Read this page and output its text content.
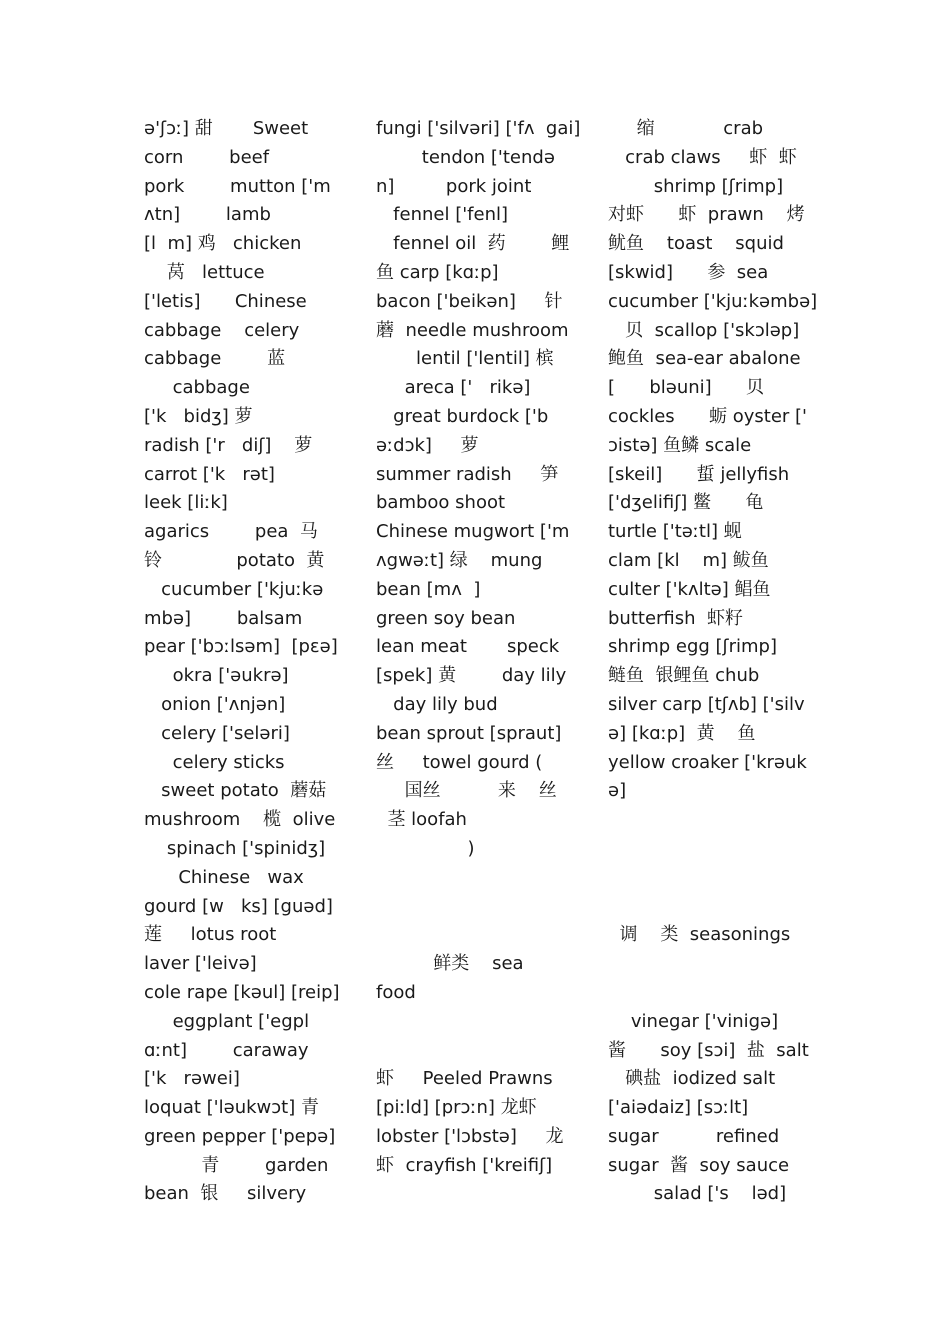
ə'ʃɔː] 甜       Sweet
corn        beef
pork        mutton ['m
ʌtn]        lamb
[l  m] 鸡   chicken
莴   lettuce
['letis]      Chinese
cabbage    celery
cabbage        蓝
cabbage
['k   bidʒ] 萝
radish ['r   diʃ]    萝
carrot ['k   rət]
leek [liːk]
agarics        pea  马
铃             potato  黄
cucumber ['kjuːkə
mbə]        balsam
pear ['bɔːlsəm]  [pɛə]
okra ['əukrə]
onion ['ʌnjən]
celery ['seləri]
celery sticks
sweet potato  蘑菇
mushroom    榄  olive
spinach ['spinidʒ]
Chinese   wax
gourd [w   ks] [guəd]
莲     lotus root
laver ['leivə]
cole rape [kəul] [reip]
eggplant ['egpl
ɑːnt]        caraway
['k   rəwei]
loquat ['ləukwɔt] 青
green pepper ['pepə]
青        garden
bean  银     silvery
fungi ['silvəri] ['fʌ  gai]
tendon ['tendə
n]         pork joint
fennel ['fenl]
fennel oil  药        鲤
鱼 carp [kɑːp]
bacon ['beikən]     针
蘑  needle mushroom
lentil ['lentil] 槟
areca ['   rikə]
great burdock ['b
əːdɔk]     萝
summer radish     笋
bamboo shoot
Chinese mugwort ['m
ʌgwəːt] 绿    mung
bean [mʌ  ]
green soy bean
lean meat       speck
[spek] 黄        day lily
day lily bud
bean sprout [spraut]
丝     towel gourd (
国丝          来    丝
茎 loofah
)
鲜类    sea
food
虾     Peeled Prawns
[piːld] [prɔːn] 龙虾
lobster ['lɔbstə]     龙
虾  crayfish ['kreifiʃ]
缩            crab
crab claws     虾  虾
shrimp [ʃrimp]
对虾      虾  prawn    烤
鱿鱼    toast    squid
[skwid]      参  sea
cucumber ['kjuːkəmbə]
贝  scallop ['skɔləp]
鲍鱼  sea-ear abalone
[      bləuni]      贝
cockles      蛎 oyster ['
ɔistə] 鱼鳞 scale
[skeil]      蜇 jellyfish
['dʒelifiʃ] 鳖      龟
turtle ['təːtl] 蚬
clam [kl    m] 鲅鱼
culter ['kʌltə] 鲳鱼
butterfish  虾籽
shrimp egg [ʃrimp]
鲢鱼  银鲤鱼 chub
silver carp [tʃʌb] ['silv
ə] [kɑːp]  黄    鱼
yellow croaker ['krəuk
ə]
调    类  seasonings
vinegar ['vinigə]
酱      soy [sɔi]  盐  salt
碘盐  iodized salt
['aiədaiz] [sɔːlt]
sugar          refined
sugar  酱  soy sauce
salad ['s    ləd]
